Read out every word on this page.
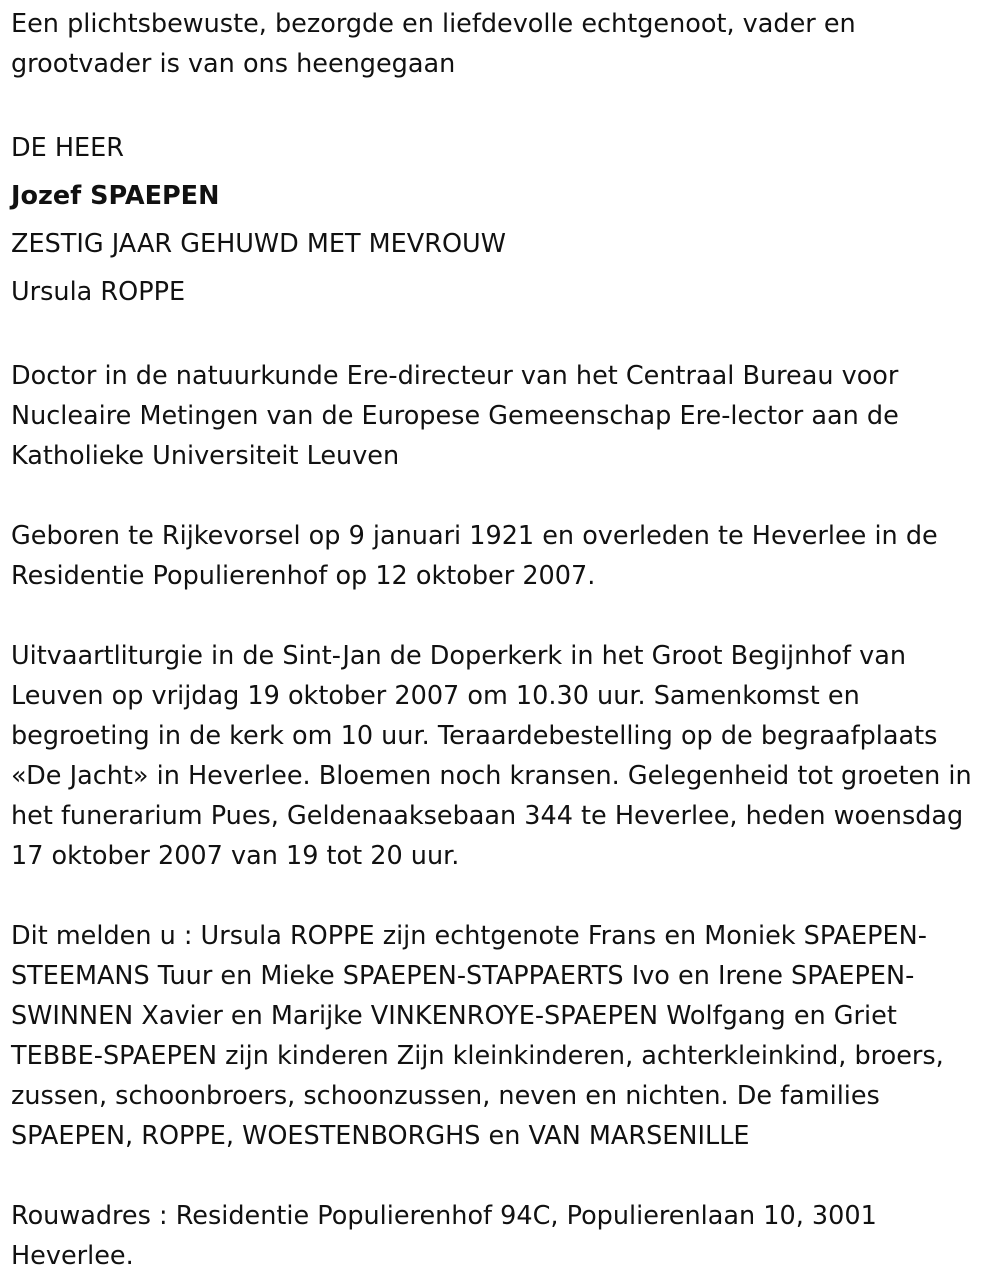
Een plichtsbewuste, bezorgde en liefdevolle echtgenoot, vader en grootvader is van ons heengegaan

DE HEER

Jozef SPAEPEN

ZESTIG JAAR GEHUWD MET MEVROUW

Ursula ROPPE

Doctor in de natuurkunde Ere-directeur van het Centraal Bureau voor Nucleaire Metingen van de Europese Gemeenschap Ere-lector aan de Katholieke Universiteit Leuven

Geboren te Rijkevorsel op 9 januari 1921 en overleden te Heverlee in de Residentie Populierenhof op 12 oktober 2007.

Uitvaartliturgie in de Sint-Jan de Doperkerk in het Groot Begijnhof van Leuven op vrijdag 19 oktober 2007 om 10.30 uur. Samenkomst en begroeting in de kerk om 10 uur. Teraardebestelling op de begraafplaats «De Jacht» in Heverlee. Bloemen noch kransen. Gelegenheid tot groeten in het funerarium Pues, Geldenaaksebaan 344 te Heverlee, heden woensdag 17 oktober 2007 van 19 tot 20 uur.

Dit melden u : Ursula ROPPE zijn echtgenote Frans en Moniek SPAEPEN-STEEMANS Tuur en Mieke SPAEPEN-STAPPAERTS Ivo en Irene SPAEPEN-SWINNEN Xavier en Marijke VINKENROYE-SPAEPEN Wolfgang en Griet TEBBE-SPAEPEN zijn kinderen Zijn kleinkinderen, achterkleinkind, broers, zussen, schoonbroers, schoonzussen, neven en nichten. De families SPAEPEN, ROPPE, WOESTENBORGHS en VAN MARSENILLE

Rouwadres : Residentie Populierenhof 94C, Populierenlaan 10, 3001 Heverlee.
